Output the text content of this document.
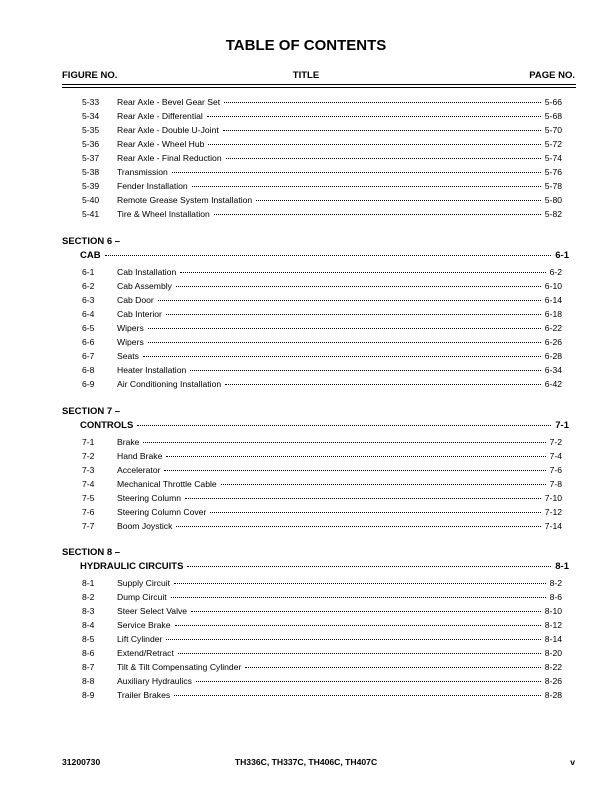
TABLE OF CONTENTS
FIGURE NO.	TITLE	PAGE NO.
5-33 Rear Axle - Bevel Gear Set	5-66
5-34 Rear Axle - Differential	5-68
5-35 Rear Axle - Double U-Joint	5-70
5-36 Rear Axle - Wheel Hub	5-72
5-37 Rear Axle - Final Reduction	5-74
5-38 Transmission	5-76
5-39 Fender Installation	5-78
5-40 Remote Grease System Installation	5-80
5-41 Tire & Wheel Installation	5-82
SECTION 6 –
CAB	6-1
6-1	Cab Installation	6-2
6-2	Cab Assembly	6-10
6-3	Cab Door	6-14
6-4	Cab Interior	6-18
6-5	Wipers	6-22
6-6	Wipers	6-26
6-7	Seats	6-28
6-8	Heater Installation	6-34
6-9	Air Conditioning Installation	6-42
SECTION 7 –
CONTROLS	7-1
7-1	Brake	7-2
7-2	Hand Brake	7-4
7-3	Accelerator	7-6
7-4	Mechanical Throttle Cable	7-8
7-5	Steering Column	7-10
7-6	Steering Column Cover	7-12
7-7	Boom Joystick	7-14
SECTION 8 –
HYDRAULIC CIRCUITS	8-1
8-1	Supply Circuit	8-2
8-2	Dump Circuit	8-6
8-3	Steer Select Valve	8-10
8-4	Service Brake	8-12
8-5	Lift Cylinder	8-14
8-6	Extend/Retract	8-20
8-7	Tilt & Tilt Compensating Cylinder	8-22
8-8	Auxiliary Hydraulics	8-26
8-9	Trailer Brakes	8-28
31200730	TH336C, TH337C, TH406C, TH407C	v
